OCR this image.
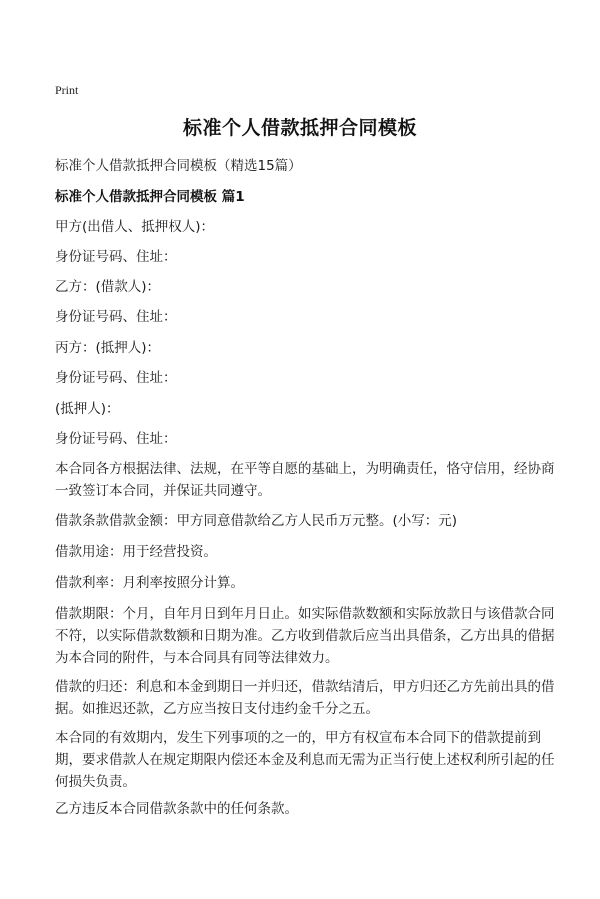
Print
标准个人借款抵押合同模板
标准个人借款抵押合同模板（精选15篇）
标准个人借款抵押合同模板 篇1
甲方(出借人、抵押权人)：
身份证号码、住址：
乙方：(借款人)：
身份证号码、住址：
丙方：(抵押人)：
身份证号码、住址：
(抵押人)：
身份证号码、住址：
本合同各方根据法律、法规，在平等自愿的基础上，为明确责任，恪守信用，经协商一致签订本合同，并保证共同遵守。
借款条款借款金额：甲方同意借款给乙方人民币万元整。(小写：元)
借款用途：用于经营投资。
借款利率：月利率按照分计算。
借款期限：个月，自年月日到年月日止。如实际借款数额和实际放款日与该借款合同不符，以实际借款数额和日期为准。乙方收到借款后应当出具借条，乙方出具的借据为本合同的附件，与本合同具有同等法律效力。
借款的归还：利息和本金到期日一并归还，借款结清后，甲方归还乙方先前出具的借据。如推迟还款，乙方应当按日支付违约金千分之五。
本合同的有效期内，发生下列事项的之一的，甲方有权宣布本合同下的借款提前到期，要求借款人在规定期限内偿还本金及利息而无需为正当行使上述权利所引起的任何损失负责。
乙方违反本合同借款条款中的任何条款。
